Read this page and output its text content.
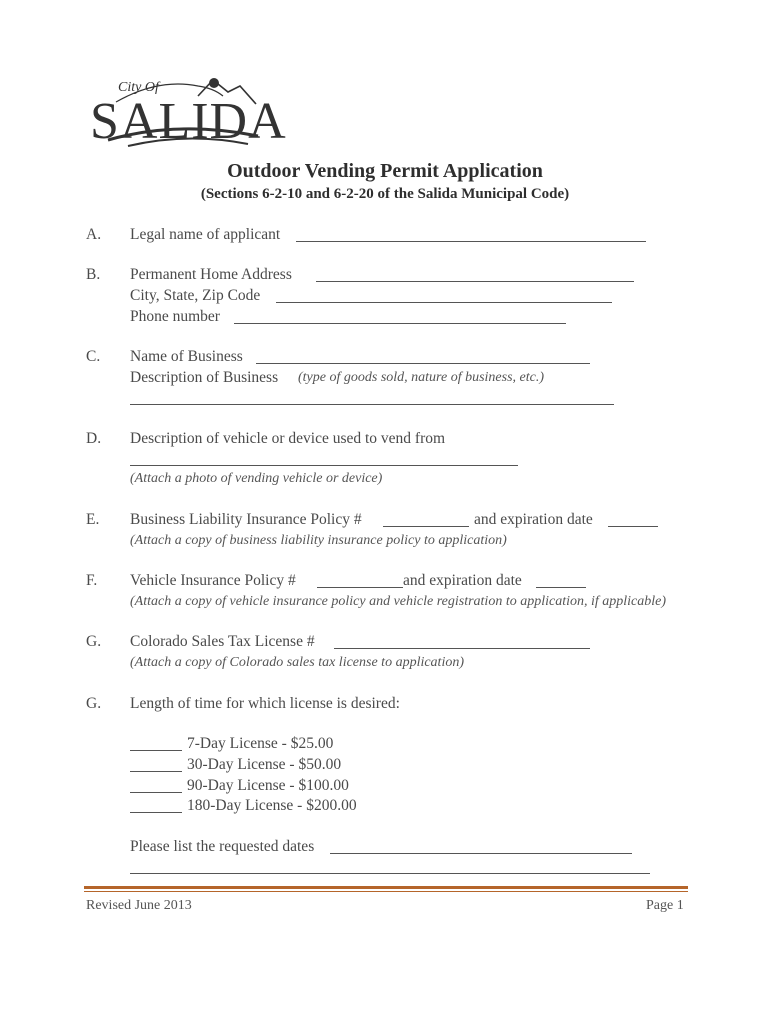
City Of
SALIDA
Outdoor Vending Permit Application
(Sections 6-2-10 and 6-2-20 of the Salida Municipal Code)
A. Legal name of applicant
B. Permanent Home Address
City, State, Zip Code
Phone number
C. Name of Business
Description of Business (type of goods sold, nature of business, etc.)
D. Description of vehicle or device used to vend from
(Attach a photo of vending vehicle or device)
E. Business Liability Insurance Policy #	and expiration date
(Attach a copy of business liability insurance policy to application)
F. Vehicle Insurance Policy #	and expiration date
(Attach a copy of vehicle insurance policy and vehicle registration to application, if applicable)
G. Colorado Sales Tax License #
(Attach a copy of Colorado sales tax license to application)
G. Length of time for which license is desired:
7-Day License - $25.00
30-Day License - $50.00
90-Day License - $100.00
180-Day License - $200.00
Please list the requested dates
Revised June 2013	Page 1
